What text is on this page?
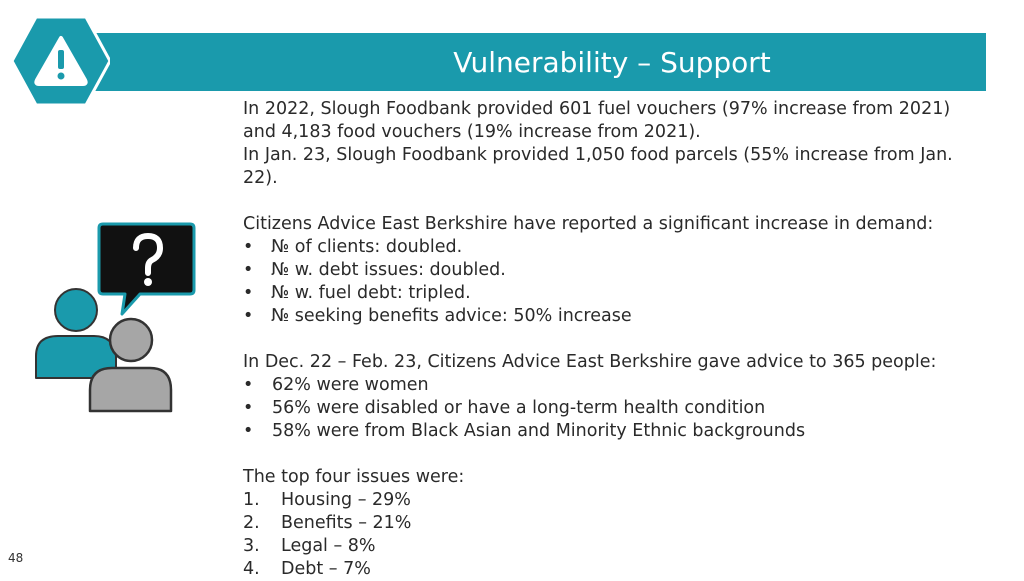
Vulnerability – Support

In 2022, Slough Foodbank provided 601 fuel vouchers (97% increase from 2021)

and 4,183 food vouchers (19% increase from 2021).

In Jan. 23, Slough Foodbank provided 1,050 food parcels (55% increase from Jan.

22).

Citizens Advice East Berkshire have reported a significant increase in demand:

•	№ of clients: doubled.
•	№ w. debt issues: doubled.
•	№ w. fuel debt: tripled.
•	№ seeking benefits advice: 50% increase

In Dec. 22 – Feb. 23, Citizens Advice East Berkshire gave advice to 365 people:

•	62% were women
•	56% were disabled or have a long-term health condition
•	58% were from Black Asian and Minority Ethnic backgrounds

The top four issues were:

1.	Housing – 29%
2.	Benefits – 21%
3.	Legal – 8%
4.	Debt – 7%
48
